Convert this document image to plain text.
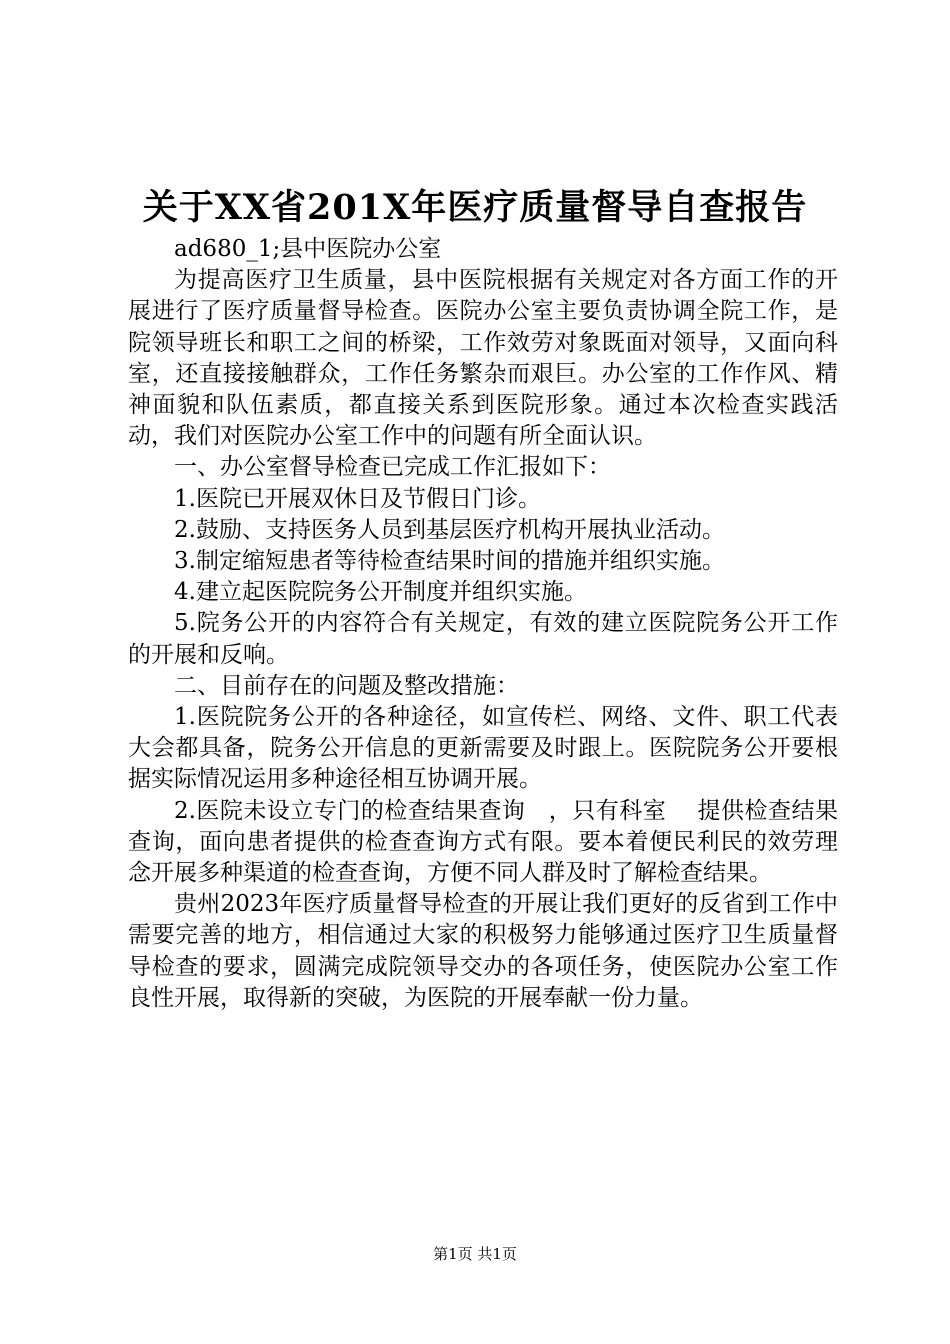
关于XX省201X年医疗质量督导自查报告

ad680_1;县中医院办公室

为提高医疗卫生质量，县中医院根据有关规定对各方面工作的开展进行了医疗质量督导检查。医院办公室主要负责协调全院工作，是院领导班长和职工之间的桥梁，工作效劳对象既面对领导，又面向科室，还直接接触群众，工作任务繁杂而艰巨。办公室的工作作风、精神面貌和队伍素质，都直接关系到医院形象。通过本次检查实践活动，我们对医院办公室工作中的问题有所全面认识。

一、办公室督导检查已完成工作汇报如下：

1.医院已开展双休日及节假日门诊。

2.鼓励、支持医务人员到基层医疗机构开展执业活动。

3.制定缩短患者等待检查结果时间的措施并组织实施。

4.建立起医院院务公开制度并组织实施。

5.院务公开的内容符合有关规定，有效的建立医院院务公开工作的开展和反响。

二、目前存在的问题及整改措施：

1.医院院务公开的各种途径，如宣传栏、网络、文件、职工代表大会都具备，院务公开信息的更新需要及时跟上。医院院务公开要根据实际情况运用多种途径相互协调开展。

2.医院未设立专门的检查结果查询　，只有科室　 提供检查结果查询，面向患者提供的检查查询方式有限。要本着便民利民的效劳理念开展多种渠道的检查查询，方便不同人群及时了解检查结果。

贵州2023年医疗质量督导检查的开展让我们更好的反省到工作中需要完善的地方，相信通过大家的积极努力能够通过医疗卫生质量督导检查的要求，圆满完成院领导交办的各项任务，使医院办公室工作良性开展，取得新的突破，为医院的开展奉献一份力量。

第1页 共1页
